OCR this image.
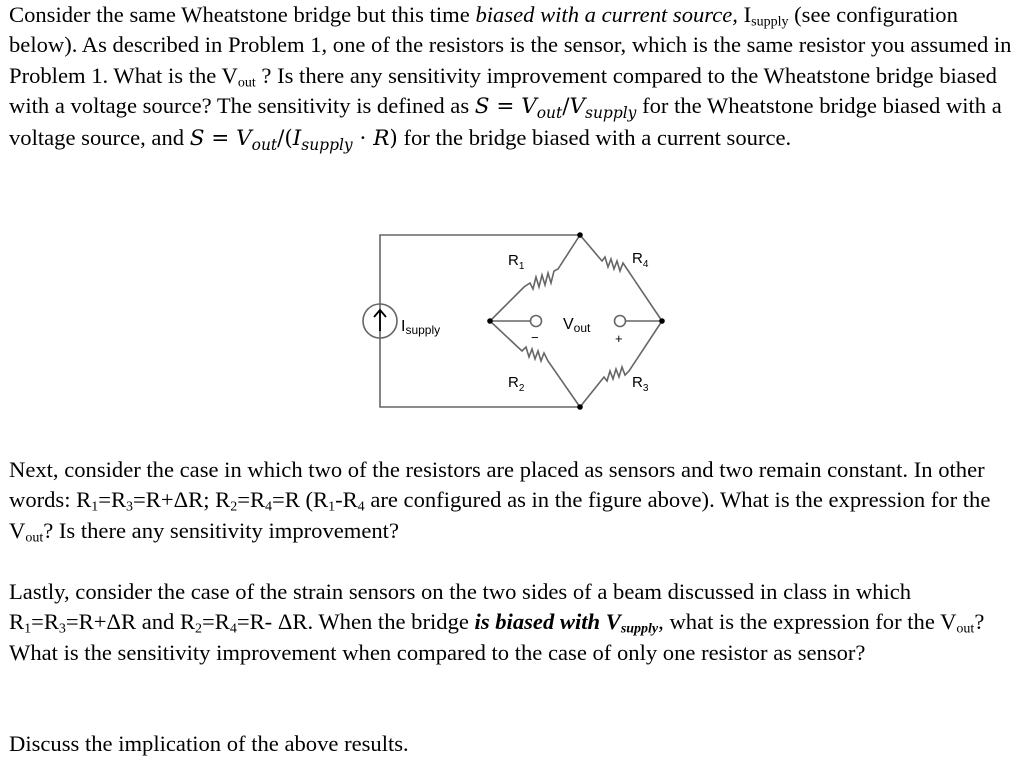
Consider the same Wheatstone bridge but this time biased with a current source, $I_{supply}$ (see configuration below). As described in Problem 1, one of the resistors is the sensor, which is the same resistor you assumed in Problem 1. What is the $V_{out}$ ? Is there any sensitivity improvement compared to the Wheatstone bridge biased with a voltage source? The sensitivity is defined as $S = V_{out}/V_{supply}$ for the Wheatstone bridge biased with a voltage source, and $S = V_{out}/(I_{supply} \cdot R)$ for the bridge biased with a current source.

$R_1$	$R_4$
$R_2$	$R_3$
Isupply	Vout
−	+

Next, consider the case in which two of the resistors are placed as sensors and two remain constant. In other words: $R_1=R_3=R+\Delta R$; $R_2=R_4=R$ ($R_1-R_4$ are configured as in the figure above). What is the expression for the $V_{out}$? Is there any sensitivity improvement?

Lastly, consider the case of the strain sensors on the two sides of a beam discussed in class in which $R_1=R_3=R+\Delta R$ and $R_2=R_4=R-$ ΔR. When the bridge is biased with $V_{supply}$, what is the expression for the $V_{out}$? What is the sensitivity improvement when compared to the case of only one resistor as sensor?

Discuss the implication of the above results.
